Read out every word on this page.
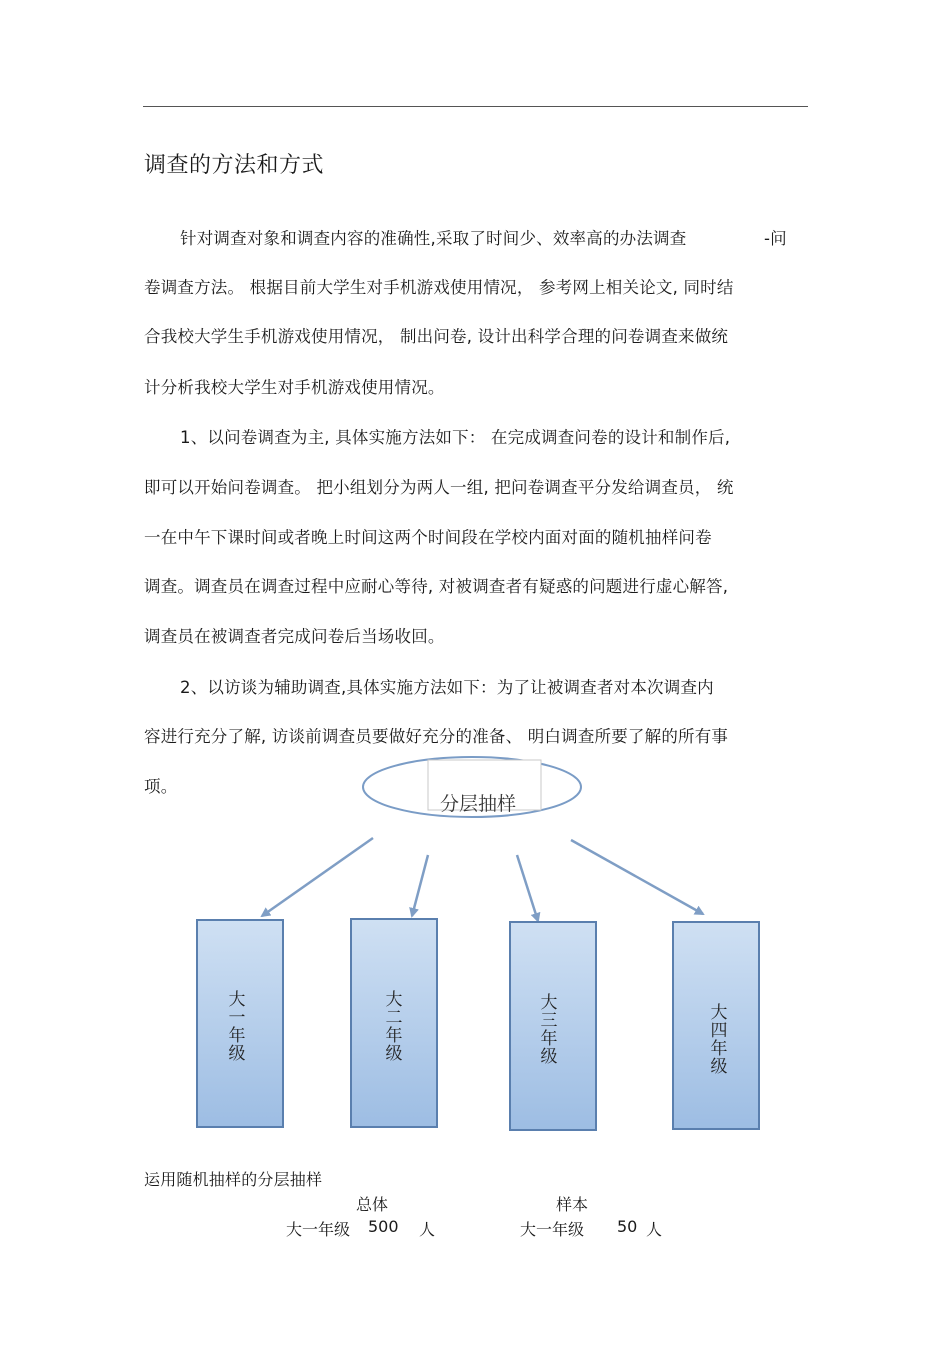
调查的方法和方式
针对调查对象和调查内容的准确性,采取了时间少、效率高的办法调查	-问
卷调查方法。 根据目前大学生对手机游戏使用情况， 参考网上相关论文, 同时结
合我校大学生手机游戏使用情况， 制出问卷, 设计出科学合理的问卷调查来做统
计分析我校大学生对手机游戏使用情况。
1、以问卷调查为主, 具体实施方法如下： 在完成调查问卷的设计和制作后,
即可以开始问卷调查。 把小组划分为两人一组, 把问卷调查平分发给调查员， 统
一在中午下课时间或者晚上时间这两个时间段在学校内面对面的随机抽样问卷
调查。调查员在调查过程中应耐心等待, 对被调查者有疑惑的问题进行虚心解答,
调查员在被调查者完成问卷后当场收回。
2、以访谈为辅助调查,具体实施方法如下：为了让被调查者对本次调查内
容进行充分了解, 访谈前调查员要做好充分的准备、 明白调查所要了解的所有事
项。
分层抽样
大一年级
大二年级
大三年级
大四年级
运用随机抽样的分层抽样
总体	样本
大一年级 500 人	大一年级 50 人
